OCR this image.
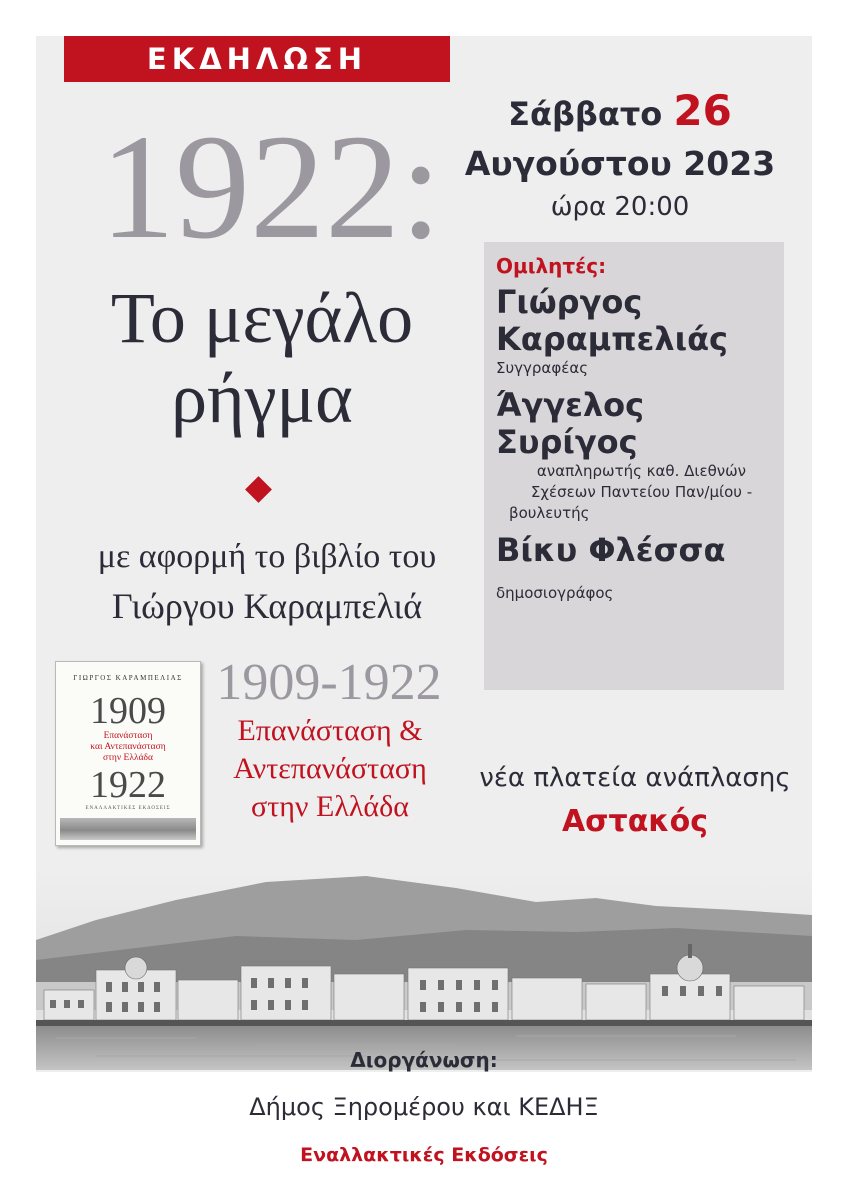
ΕΚΔΗΛΩΣΗ
1922:
Το μεγάλο
ρήγμα
με αφορμή το βιβλίο του
Γιώργου Καραμπελιά
ΓΙΩΡΓΟΣ ΚΑΡΑΜΠΕΛΙΑΣ
1909
Επανάσταση
και Αντεπανάσταση
στην Ελλάδα
1922
ΕΝΑΛΛΑΚΤΙΚΕΣ ΕΚΔΟΣΕΙΣ
1909-1922
Επανάσταση &
Αντεπανάσταση
στην Ελλάδα
Σάββατο 26
Αυγούστου 2023
ώρα 20:00
Ομιλητές:
Γιώργος
Καραμπελιάς
Συγγραφέας
Άγγελος
Συρίγος
αναπληρωτής καθ. Διεθνών
Σχέσεων Παντείου Παν/μίου -
βουλευτής
Βίκυ Φλέσσα
δημοσιογράφος
νέα πλατεία ανάπλασης
Αστακός
Διοργάνωση:
Δήμος Ξηρομέρου και ΚΕΔΗΞ
Εναλλακτικές Εκδόσεις
